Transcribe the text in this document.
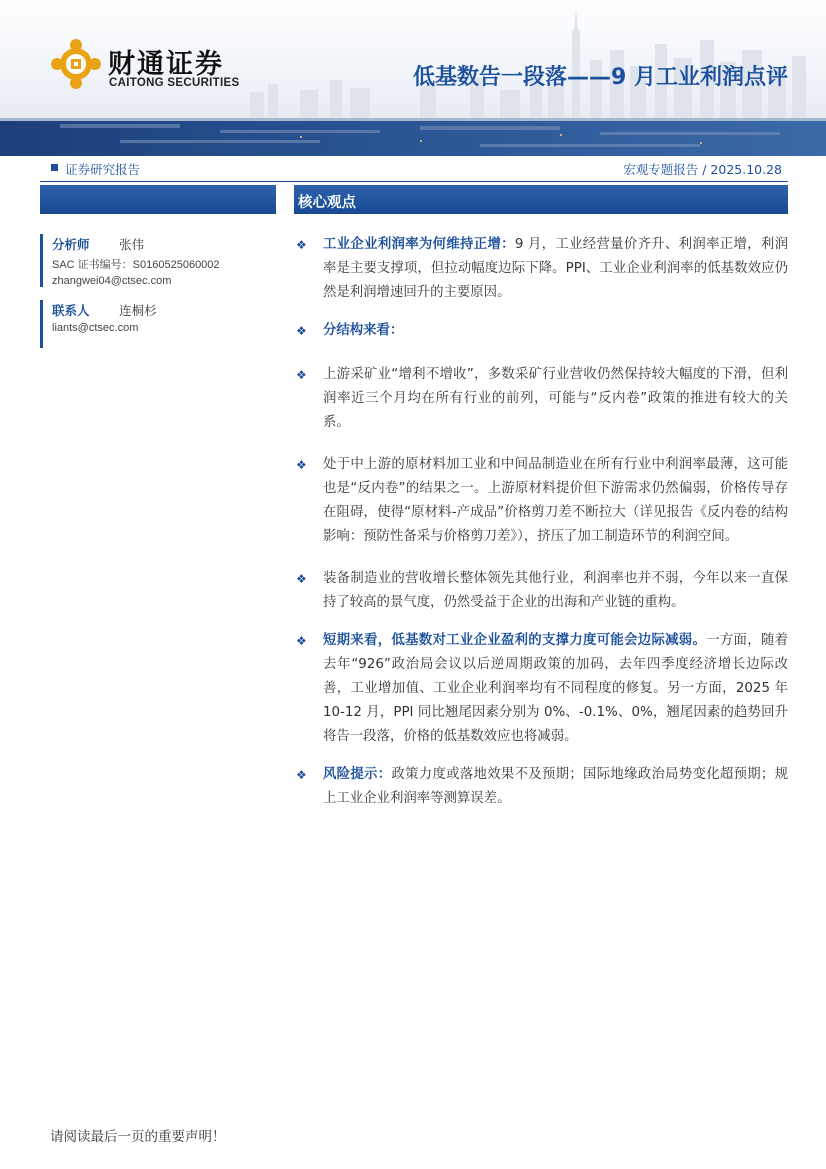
财通证券
CAITONG SECURITIES	低基数告一段落——9 月工业利润点评
证券研究报告	宏观专题报告 / 2025.10.28
核心观点
分析师 张伟
SAC 证书编号：S0160525060002
zhangwei04@ctsec.com
联系人 连桐杉
liants@ctsec.com
❖ 工业企业利润率为何维持正增：9 月，工业经营量价齐升、利润率正增，利润率是主要支撑项，但拉动幅度边际下降。PPI、工业企业利润率的低基数效应仍然是利润增速回升的主要原因。
❖ 分结构来看：
❖ 上游采矿业“增利不增收”，多数采矿行业营收仍然保持较大幅度的下滑，但利润率近三个月均在所有行业的前列，可能与“反内卷”政策的推进有较大的关系。
❖ 处于中上游的原材料加工业和中间品制造业在所有行业中利润率最薄，这可能也是“反内卷”的结果之一。上游原材料提价但下游需求仍然偏弱，价格传导存在阻碍，使得“原材料-产成品”价格剪刀差不断拉大（详见报告《反内卷的结构影响：预防性备采与价格剪刀差》），挤压了加工制造环节的利润空间。
❖ 装备制造业的营收增长整体领先其他行业，利润率也并不弱，今年以来一直保持了较高的景气度，仍然受益于企业的出海和产业链的重构。
❖ 短期来看，低基数对工业企业盈利的支撑力度可能会边际减弱。一方面，随着去年“926”政治局会议以后逆周期政策的加码，去年四季度经济增长边际改善，工业增加值、工业企业利润率均有不同程度的修复。另一方面，2025 年 10-12 月，PPI 同比翘尾因素分别为 0%、-0.1%、0%，翘尾因素的趋势回升将告一段落，价格的低基数效应也将减弱。
❖ 风险提示：政策力度或落地效果不及预期；国际地缘政治局势变化超预期；规上工业企业利润率等测算误差。
请阅读最后一页的重要声明！
